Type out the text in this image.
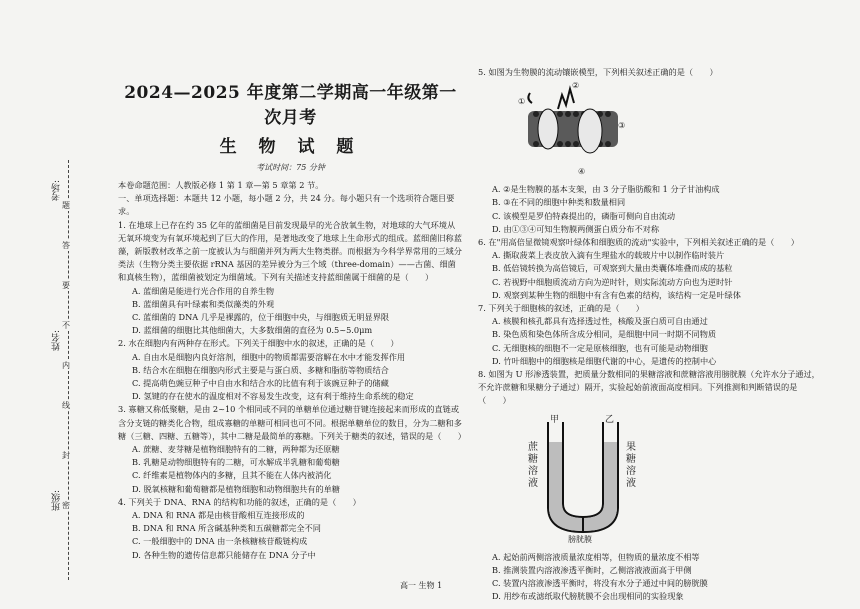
考场:
姓名:
班级:
题
答
要
不
内
线
封
密
2024—2025 年度第二学期高一年级第一次月考
生 物 试 题
考试时间：75 分钟

本卷命题范围：人教版必修 1 第 1 章—第 5 章第 2 节。

一、单项选择题：本题共 12 小题，每小题 2 分，共 24 分。每小题只有一个选项符合题目要求。

1. 在地球上已存在约 35 亿年的蓝细菌是目前发现最早的光合放氧生物，对地球的大气环境从无氧环境变为有氧环境起到了巨大的作用，是著地改变了地球上生命形式的组成。蓝细菌旧称蓝藻，新版教材改革之前一度被认为与细菌并列为两大生物类群。而根据为今科学界常用的三域分类法（生物分类主要依据 rRNA 基因的差异被分为三个域（three-domain）——古菌、细菌和真核生物），蓝细菌被划定为细菌域。下列有关描述支持蓝细菌属于细菌的是（　　）

A. 蓝细菌是能进行光合作用的自养生物

B. 蓝细菌具有叶绿素和类似藻类的外观

C. 蓝细菌的 DNA 几乎是裸露的，位于细胞中央，与细胞质无明显界限

D. 蓝细菌的细胞比其他细菌大，大多数细菌的直径为 0.5~5.0μm

2. 水在细胞内有两种存在形式。下列关于细胞中水的叙述，正确的是（　　）

A. 自由水是细胞内良好溶剂，细胞中的物质都需要溶解在水中才能发挥作用

B. 结合水在细胞在细胞内形式主要是与蛋白质、多糖和脂肪等物质结合

C. 提高萌色豌豆种子中自由水和结合水的比值有利于该豌豆种子的储藏

D. 氢键的存在使水的温度相对不容易发生改变，这有利于维持生命系统的稳定

3. 寡糖又称低聚糖，是由 2~10 个相同或不同的单糖单位通过糖苷键连接起来而形成的直链或含分支链的糖类化合物，组成寡糖的单糖可相同也可不同。根据单糖单位的数目，分为二糖和多糖（三糖、四糖、五糖等），其中二糖是最简单的寡糖。下列关于糖类的叙述，错误的是（　　）

A. 蔗糖、麦芽糖是植物细胞特有的二糖，两种都为还原糖

B. 乳糖是动物细胞特有的二糖，可水解成半乳糖和葡萄糖

C. 纤维素是植物体内的多糖，且其不能在人体内被消化

D. 脱氧核糖和葡萄糖都是植物细胞和动物细胞共有的单糖

4. 下列关于 DNA、RNA 的结构和功能的叙述，正确的是（　　）

A. DNA 和 RNA 都是由核苷酸相互连接形成的

B. DNA 和 RNA 所含碱基种类和五碳糖都完全不同

C. 一般细胞中的 DNA 由一条核糖核苷酸链构成

D. 各种生物的遗传信息都只能储存在 DNA 分子中

5. 如图为生物膜的流动镶嵌模型，下列相关叙述正确的是（　　）

①
②
③
④

A. ②是生物膜的基本支架，由 3 分子脂肪酸和 1 分子甘油构成

B. ③在不同的细胞中种类和数量相同

C. 该模型是罗伯特森提出的，磷脂可侧向自由流动

D. 由①③④可知生物膜两侧蛋白质分布不对称

6. 在"用高倍显微镜观察叶绿体和细胞质的流动"实验中，下列相关叙述正确的是（　　）

A. 撕取菠菜上表皮放入滴有生理盐水的载玻片中以制作临时装片

B. 低倍镜转换为高倍镜后，可观察到大量由类囊体堆叠而成的基粒

C. 若视野中细胞质流动方向为逆时针，则实际流动方向也为逆时针

D. 观察到某种生物的细胞中有含有色素的结构，该结构一定是叶绿体

7. 下列关于细胞核的叙述，正确的是（　　）

A. 核膜和核孔都具有选择透过性，核酸及蛋白质可自由通过

B. 染色质和染色体所含成分相同，是细胞中同一时期不同物质

C. 无细胞核的细胞不一定是原核细胞，也有可能是动物细胞

D. 竹叶细胞中的细胞核是细胞代谢的中心，是遗传的控制中心

8. 如图为 U 形渗透装置，把质量分数相同的果糖溶液和蔗糖溶液用膀胱膜（允许水分子通过，不允许蔗糖和果糖分子通过）隔开，实验起始前液面高度相同。下列推测和判断错误的是（　　）

甲	乙
蔗
糖
溶
液
果
糖
溶
液
膀胱膜

A. 起始前两侧溶液质量浓度相等，但物质的量浓度不相等

B. 推测装置内溶液渗透平衡时，乙侧溶液液面高于甲侧

C. 装置内溶液渗透平衡时，将没有水分子通过中间的膀胱膜

D. 用纱布或滤纸取代膀胱膜不会出现相同的实验现象

高一 生物 1
